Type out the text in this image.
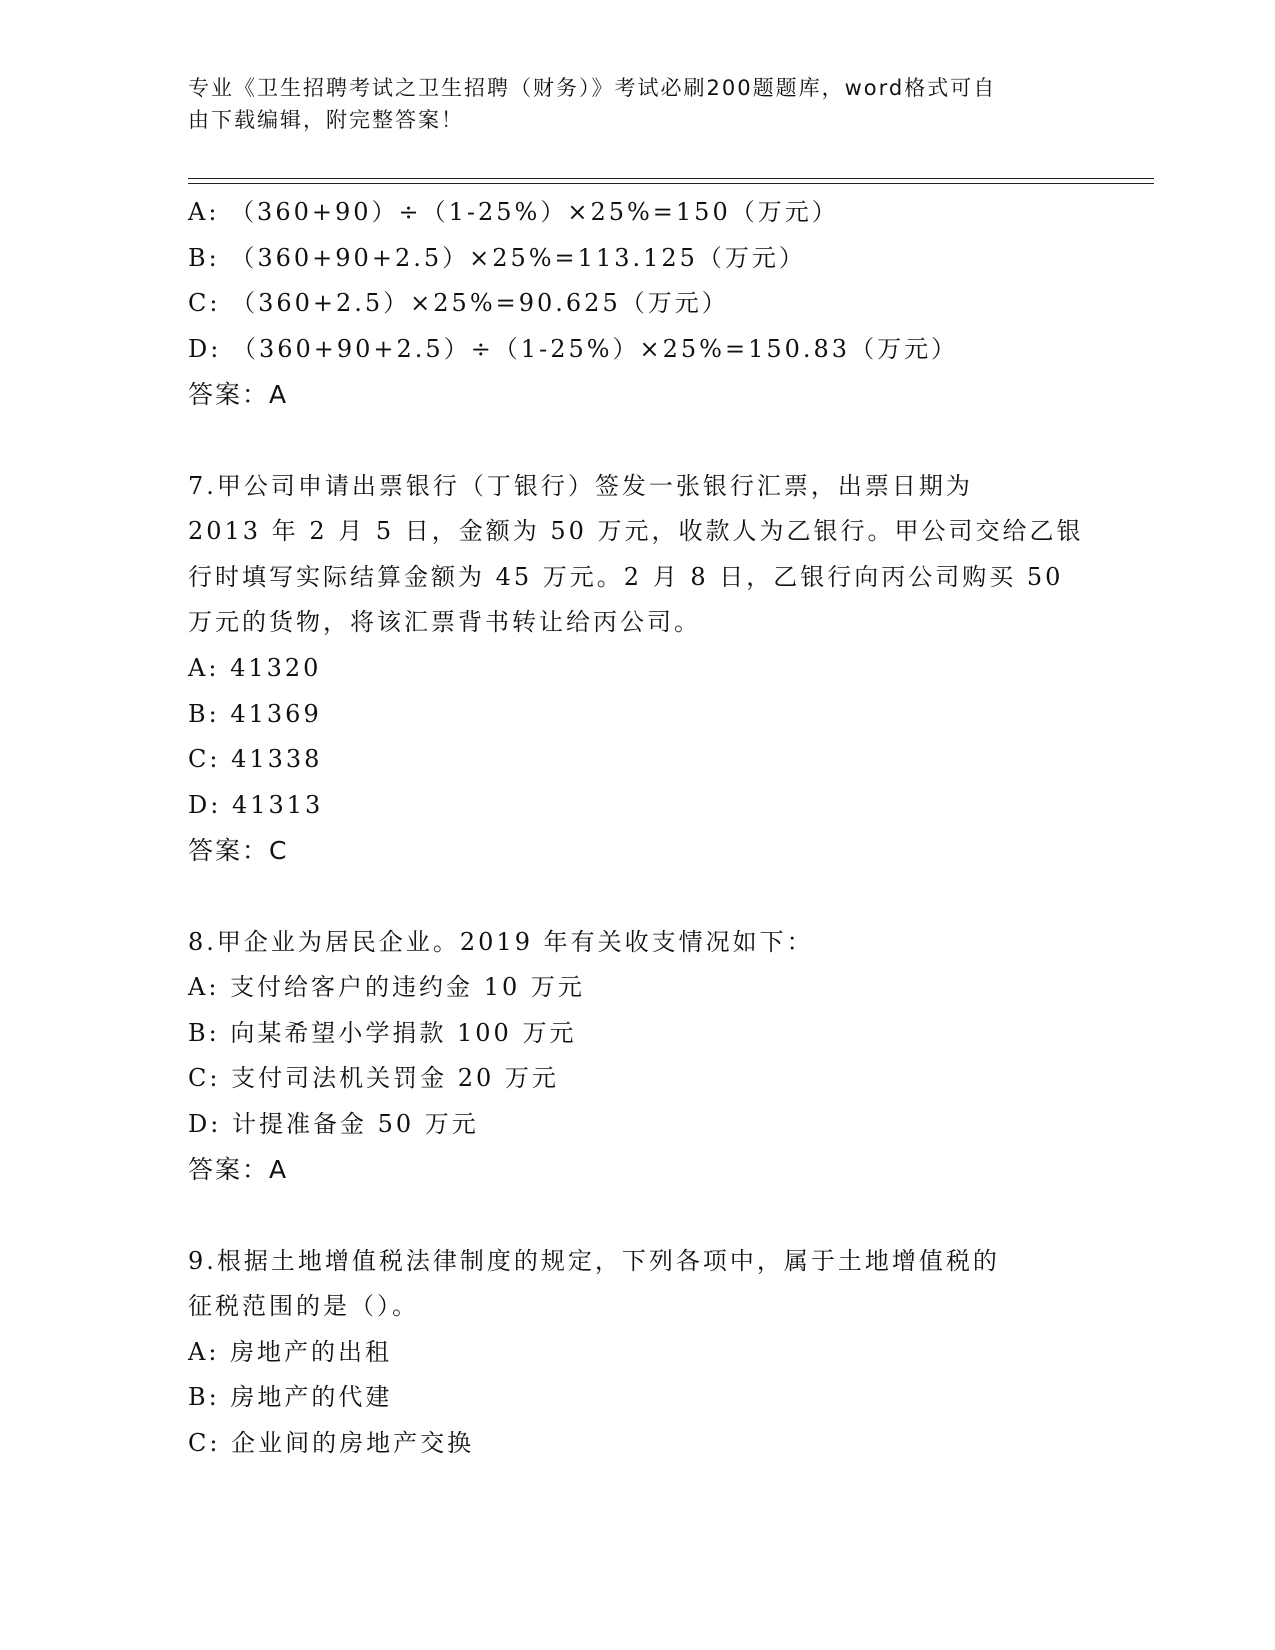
专业《卫生招聘考试之卫生招聘（财务）》考试必刷200题题库，word格式可自
由下载编辑，附完整答案！
A: （360+90）÷（1-25%）×25%=150（万元）
B: （360+90+2.5）×25%=113.125（万元）
C: （360+2.5）×25%=90.625（万元）
D: （360+90+2.5）÷（1-25%）×25%=150.83（万元）
答案：A
7.甲公司申请出票银行（丁银行）签发一张银行汇票，出票日期为
2013 年 2 月 5 日，金额为 50 万元，收款人为乙银行。甲公司交给乙银
行时填写实际结算金额为 45 万元。2 月 8 日，乙银行向丙公司购买 50
万元的货物，将该汇票背书转让给丙公司。
A: 41320
B: 41369
C: 41338
D: 41313
答案：C
8.甲企业为居民企业。2019 年有关收支情况如下：
A: 支付给客户的违约金 10 万元
B: 向某希望小学捐款 100 万元
C: 支付司法机关罚金 20 万元
D: 计提准备金 50 万元
答案：A
9.根据土地增值税法律制度的规定，下列各项中，属于土地增值税的
征税范围的是（）。
A: 房地产的出租
B: 房地产的代建
C: 企业间的房地产交换
